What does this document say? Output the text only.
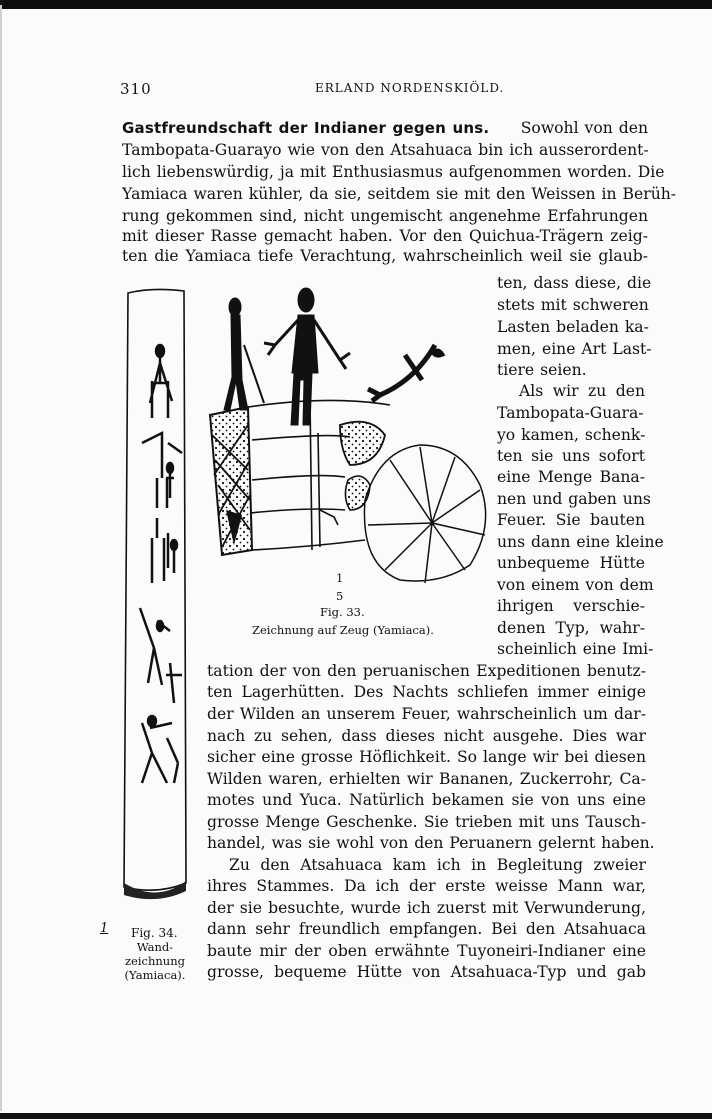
310	ERLAND NORDENSKIÖLD.
Gastfreundschaft der Indianer gegen uns. Sowohl von den
Tambopata-Guarayo wie von den Atsahuaca bin ich ausserordent-
lich liebenswürdig, ja mit Enthusiasmus aufgenommen worden. Die
Yamiaca waren kühler, da sie, seitdem sie mit den Weissen in Berüh-
rung gekommen sind, nicht ungemischt angenehme Erfahrungen
mit dieser Rasse gemacht haben. Vor den Quichua-Trägern zeig-
ten die Yamiaca tiefe Verachtung, wahrscheinlich weil sie glaub-
ten, dass diese, die
stets mit schweren
Lasten beladen ka-
men, eine Art Last-
tiere seien.
Als wir zu den
Tambopata-Guara-
yo kamen, schenk-
ten sie uns sofort
eine Menge Bana-
nen und gaben uns
Feuer. Sie bauten
uns dann eine kleine
unbequeme Hütte
von einem von dem
ihrigen verschie-
denen Typ, wahr-
scheinlich eine Imi-
tation der von den peruanischen Expeditionen benutz-
ten Lagerhütten. Des Nachts schliefen immer einige
der Wilden an unserem Feuer, wahrscheinlich um dar-
nach zu sehen, dass dieses nicht ausgehe. Dies war
sicher eine grosse Höflichkeit. So lange wir bei diesen
Wilden waren, erhielten wir Bananen, Zuckerrohr, Ca-
motes und Yuca. Natürlich bekamen sie von uns eine
grosse Menge Geschenke. Sie trieben mit uns Tausch-
handel, was sie wohl von den Peruanern gelernt haben.
Zu den Atsahuaca kam ich in Begleitung zweier
ihres Stammes. Da ich der erste weisse Mann war,
der sie besuchte, wurde ich zuerst mit Verwunderung,
dann sehr freundlich empfangen. Bei den Atsahuaca
baute mir der oben erwähnte Tuyoneiri-Indianer eine
grosse, bequeme Hütte von Atsahuaca-Typ und gab
1
5
Fig. 33.
Zeichnung auf Zeug (Yamiaca).
1 Fig. 34.
Wand-
zeichnung
(Yamiaca).
